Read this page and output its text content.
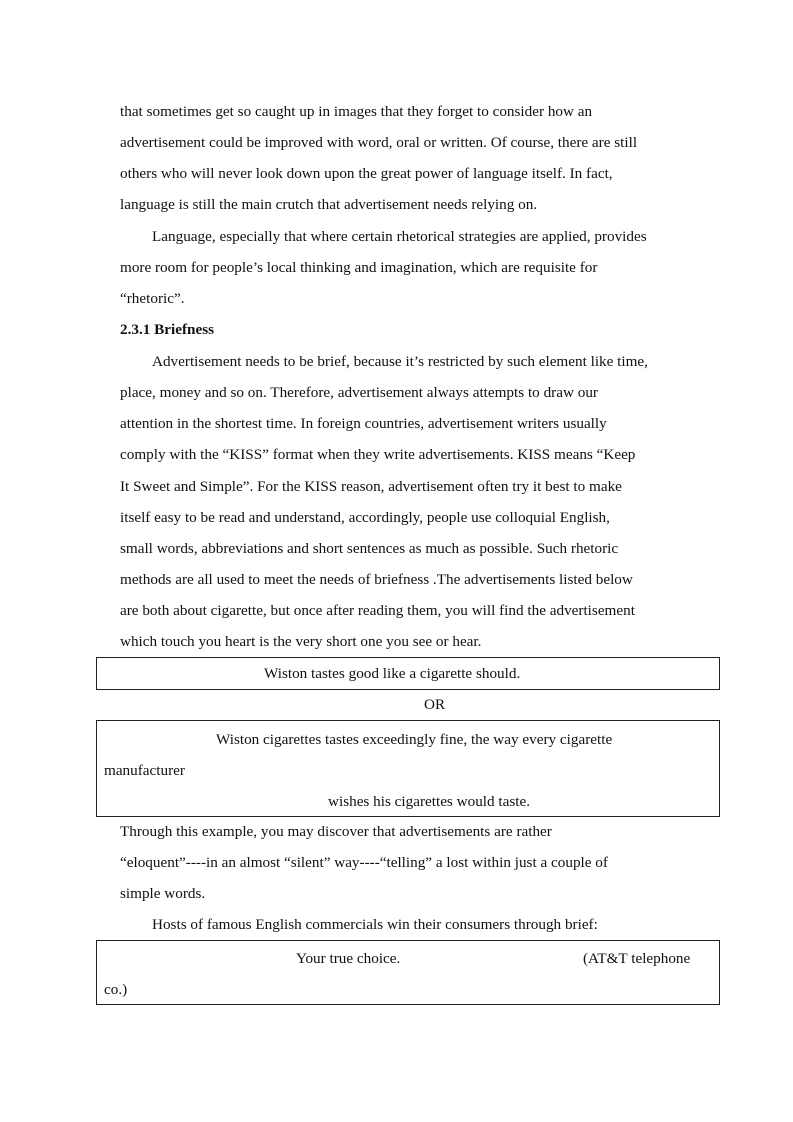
that sometimes get so caught up in images that they forget to consider how an
advertisement could be improved with word, oral or written. Of course, there are still
others who will never look down upon the great power of language itself. In fact,
language is still the main crutch that advertisement needs relying on.
Language, especially that where certain rhetorical strategies are applied, provides
more room for people’s local thinking and imagination, which are requisite for
“rhetoric”.
2.3.1 Briefness
Advertisement needs to be brief, because it’s restricted by such element like time,
place, money and so on. Therefore, advertisement always attempts to draw our
attention in the shortest time. In foreign countries, advertisement writers usually
comply with the “KISS” format when they write advertisements. KISS means “Keep
It Sweet and Simple”. For the KISS reason, advertisement often try it best to make
itself easy to be read and understand, accordingly, people use colloquial English,
small words, abbreviations and short sentences as much as possible. Such rhetoric
methods are all used to meet the needs of briefness .The advertisements listed below
are both about cigarette, but once after reading them, you will find the advertisement
which touch you heart is the very short one you see or hear.
Wiston tastes good like a cigarette should.
OR
Wiston cigarettes tastes exceedingly fine, the way every cigarette
manufacturer
wishes his cigarettes would taste.
Through this example, you may discover that advertisements are rather
“eloquent”----in an almost “silent” way----“telling” a lost within just a couple of
simple words.
Hosts of famous English commercials win their consumers through brief:
Your true choice.	(AT&T telephone
co.)
